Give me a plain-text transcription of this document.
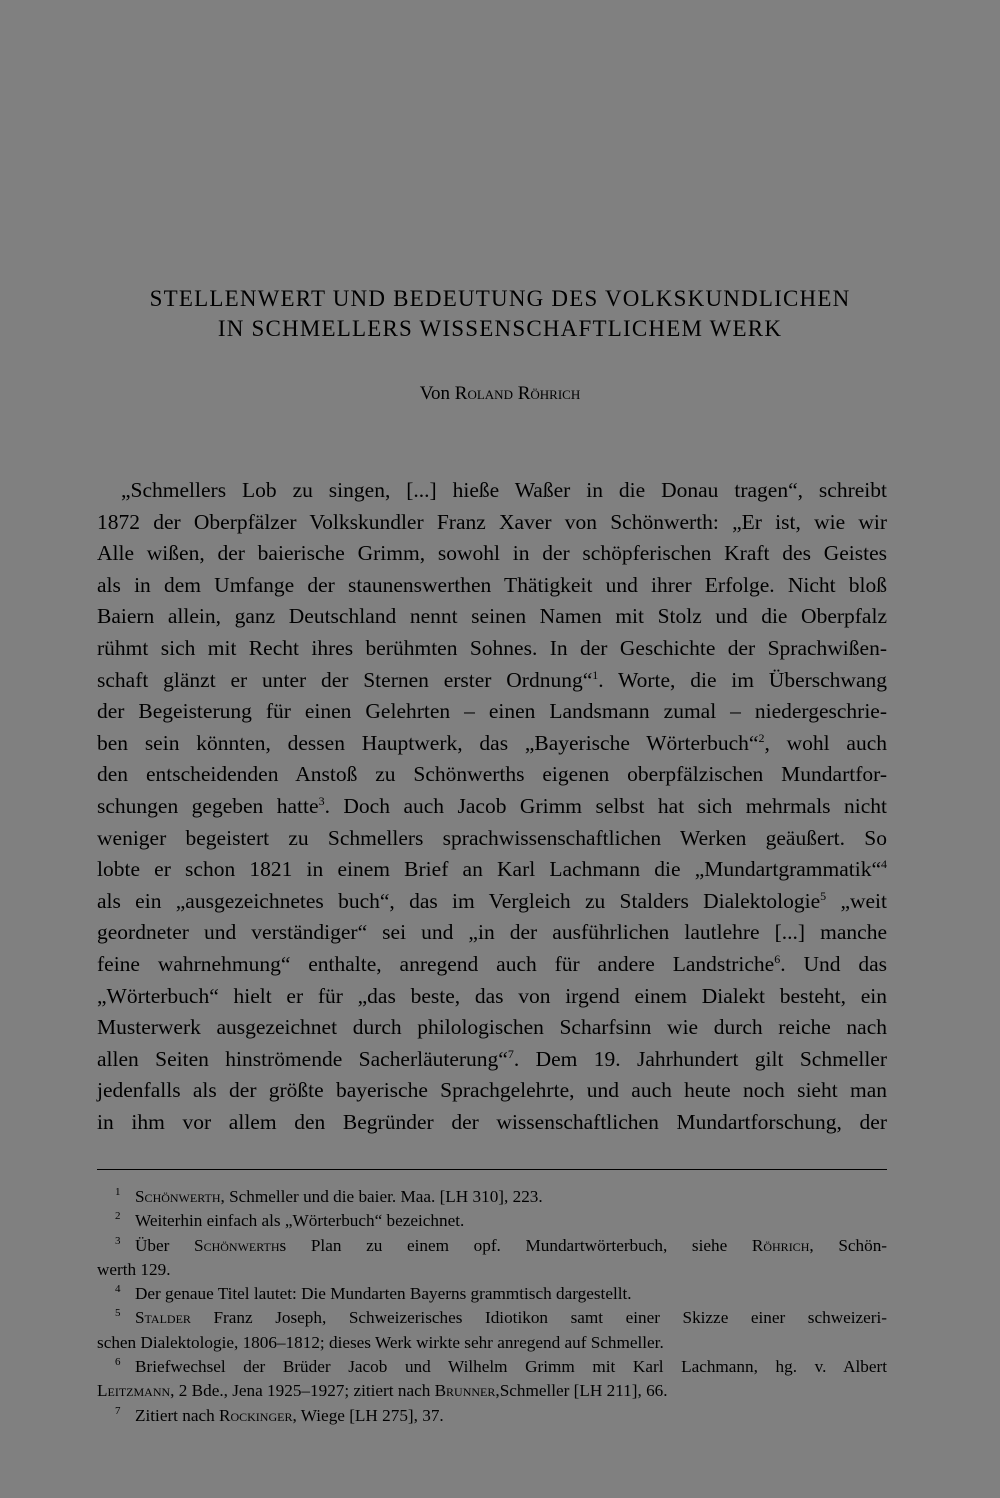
STELLENWERT UND BEDEUTUNG DES VOLKSKUNDLICHEN
IN SCHMELLERS WISSENSCHAFTLICHEM WERK
Von Roland Röhrich
„Schmellers Lob zu singen, [...] hieße Waßer in die Donau tragen“, schreibt
1872 der Oberpfälzer Volkskundler Franz Xaver von Schönwerth: „Er ist, wie wir
Alle wißen, der baierische Grimm, sowohl in der schöpferischen Kraft des Geistes
als in dem Umfange der staunenswerthen Thätigkeit und ihrer Erfolge. Nicht bloß
Baiern allein, ganz Deutschland nennt seinen Namen mit Stolz und die Oberpfalz
rühmt sich mit Recht ihres berühmten Sohnes. In der Geschichte der Sprachwißen-
schaft glänzt er unter der Sternen erster Ordnung“$^1$. Worte, die im Überschwang
der Begeisterung für einen Gelehrten – einen Landsmann zumal – niedergeschrie-
ben sein könnten, dessen Hauptwerk, das „Bayerische Wörterbuch“$^2$, wohl auch
den entscheidenden Anstoß zu Schönwerths eigenen oberpfälzischen Mundartfor-
schungen gegeben hatte$^3$. Doch auch Jacob Grimm selbst hat sich mehrmals nicht
weniger begeistert zu Schmellers sprachwissenschaftlichen Werken geäußert. So
lobte er schon 1821 in einem Brief an Karl Lachmann die „Mundartgrammatik“$^4$
als ein „ausgezeichnetes buch“, das im Vergleich zu Stalders Dialektologie$^5$ „weit
geordneter und verständiger“ sei und „in der ausführlichen lautlehre [...] manche
feine wahrnehmung“ enthalte, anregend auch für andere Landstriche$^6$. Und das
„Wörterbuch“ hielt er für „das beste, das von irgend einem Dialekt besteht, ein
Musterwerk ausgezeichnet durch philologischen Scharfsinn wie durch reiche nach
allen Seiten hinströmende Sacherläuterung“$^7$. Dem 19. Jahrhundert gilt Schmeller
jedenfalls als der größte bayerische Sprachgelehrte, und auch heute noch sieht man
in ihm vor allem den Begründer der wissenschaftlichen Mundartforschung, der
1 Schönwerth, Schmeller und die baier. Maa. [LH 310], 223.
2 Weiterhin einfach als „Wörterbuch“ bezeichnet.
3 Über Schönwerths Plan zu einem opf. Mundartwörterbuch, siehe Röhrich, Schön-
werth 129.
4 Der genaue Titel lautet: Die Mundarten Bayerns grammtisch dargestellt.
5 Stalder Franz Joseph, Schweizerisches Idiotikon samt einer Skizze einer schweizeri-
schen Dialektologie, 1806–1812; dieses Werk wirkte sehr anregend auf Schmeller.
6 Briefwechsel der Brüder Jacob und Wilhelm Grimm mit Karl Lachmann, hg. v. Albert
Leitzmann, 2 Bde., Jena 1925–1927; zitiert nach Brunner,Schmeller [LH 211], 66.
7 Zitiert nach Rockinger, Wiege [LH 275], 37.
